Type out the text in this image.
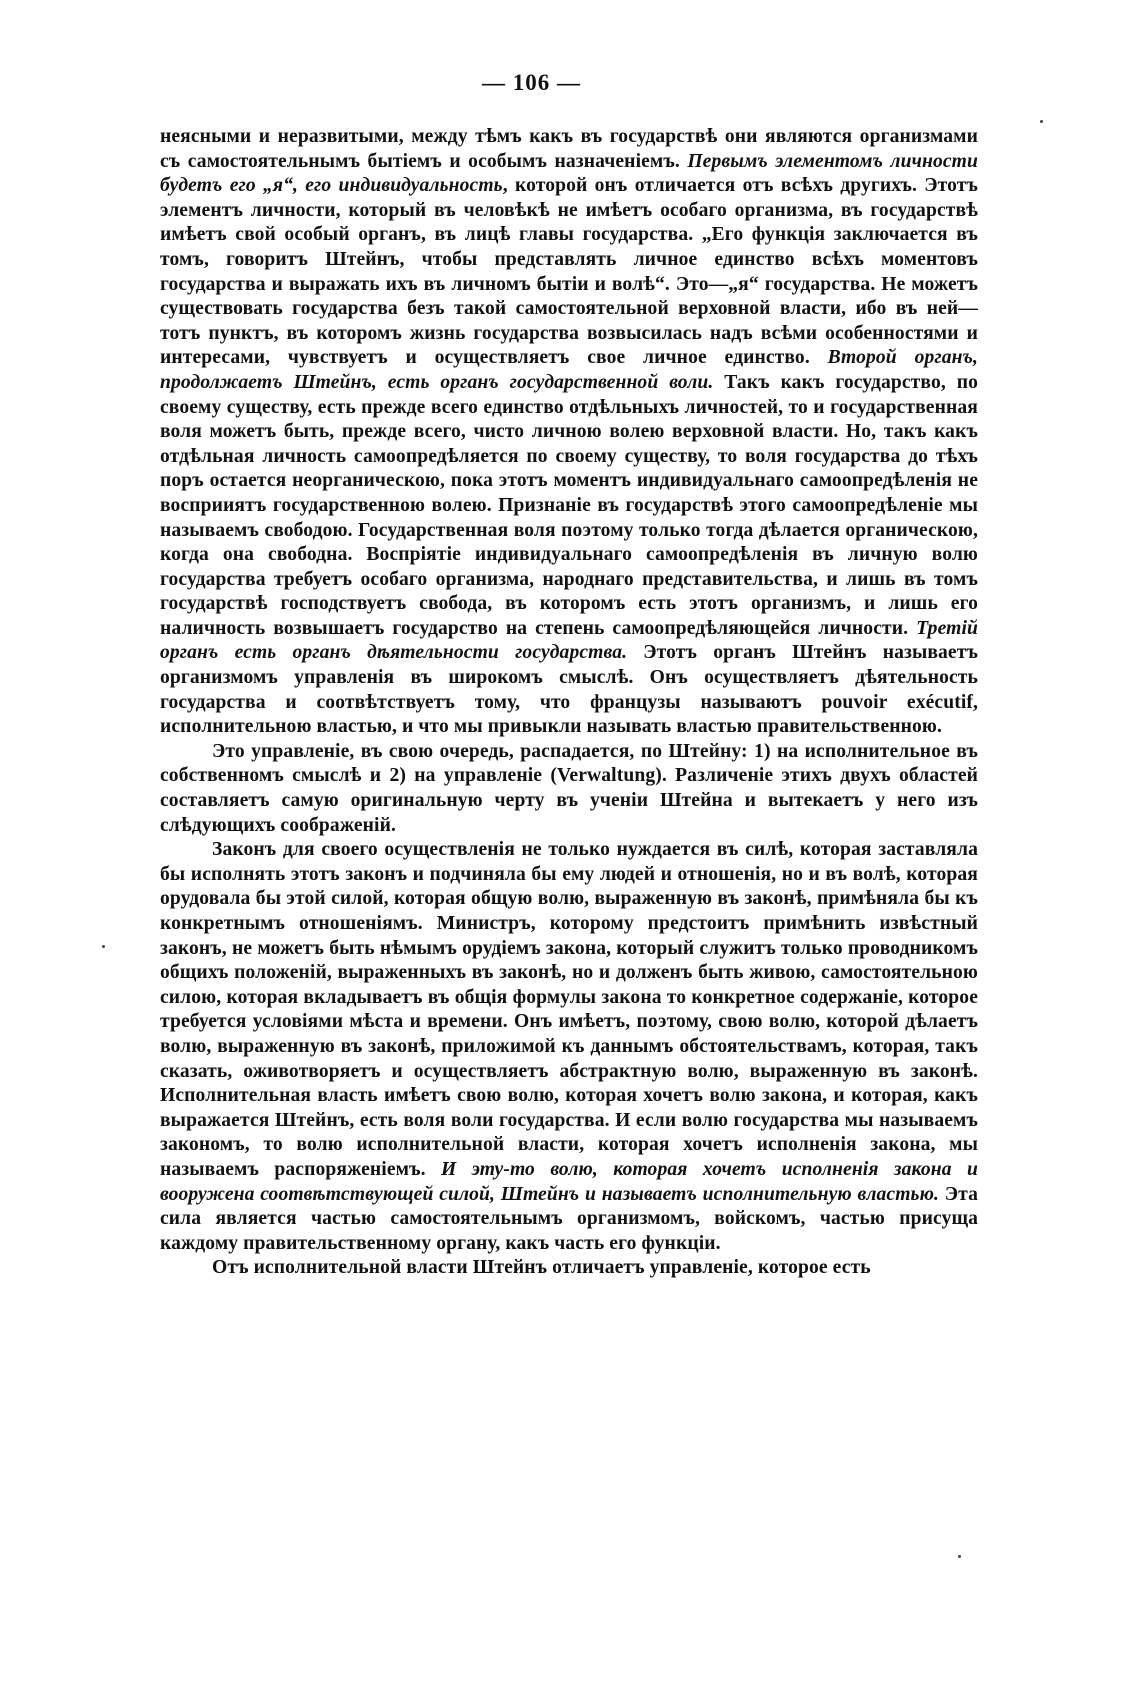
— 106 —

неясными и неразвитыми, между тѣмъ какъ въ государствѣ они являются организмами съ самостоятельнымъ бытіемъ и особымъ назначеніемъ. Первымъ элементомъ личности будетъ его „я“, его индивидуальность, которой онъ отличается отъ всѣхъ другихъ. Этотъ элементъ личности, который въ человѣкѣ не имѣетъ особаго организма, въ государствѣ имѣетъ свой особый органъ, въ лицѣ главы государства. „Его функція заключается въ томъ, говоритъ Штейнъ, чтобы представлять личное единство всѣхъ моментовъ государства и выражать ихъ въ личномъ бытіи и волѣ“. Это—„я“ государства. Не можетъ существовать государства безъ такой самостоятельной верховной власти, ибо въ ней—тотъ пунктъ, въ которомъ жизнь государства возвысилась надъ всѣми особенностями и интересами, чувствуетъ и осуществляетъ свое личное единство. Второй органъ, продолжаетъ Штейнъ, есть органъ государственной воли. Такъ какъ государство, по своему существу, есть прежде всего единство отдѣльныхъ личностей, то и государственная воля можетъ быть, прежде всего, чисто личною волею верховной власти. Но, такъ какъ отдѣльная личность самоопредѣляется по своему существу, то воля государства до тѣхъ поръ остается неорганическою, пока этотъ моментъ индивидуальнаго самоопредѣленія не восприиятъ государственною волею. Признаніе въ государствѣ этого самоопредѣленіе мы называемъ свободою. Государственная воля поэтому только тогда дѣлается органическою, когда она свободна. Воспріятіе индивидуальнаго самоопредѣленія въ личную волю государства требуетъ особаго организма, народнаго представительства, и лишь въ томъ государствѣ господствуетъ свобода, въ которомъ есть этотъ организмъ, и лишь его наличность возвышаетъ государство на степень самоопредѣляющейся личности. Третій органъ есть органъ дѣятельности государства. Этотъ органъ Штейнъ называетъ организмомъ управленія въ широкомъ смыслѣ. Онъ осуществляетъ дѣятельность государства и соотвѣтствуетъ тому, что французы называютъ pouvoir exécutif, исполнительною властью, и что мы привыкли называть властью правительственною.

Это управленіе, въ свою очередь, распадается, по Штейну: 1) на исполнительное въ собственномъ смыслѣ и 2) на управленіе (Verwaltung). Различеніе этихъ двухъ областей составляетъ самую оригинальную черту въ ученіи Штейна и вытекаетъ у него изъ слѣдующихъ соображеній.

Законъ для своего осуществленія не только нуждается въ силѣ, которая заставляла бы исполнять этотъ законъ и подчиняла бы ему людей и отношенія, но и въ волѣ, которая орудовала бы этой силой, которая общую волю, выраженную въ законѣ, примѣняла бы къ конкретнымъ отношеніямъ. Министръ, которому предстоитъ примѣнить извѣстный законъ, не можетъ быть нѣмымъ орудіемъ закона, который служитъ только проводникомъ общихъ положеній, выраженныхъ въ законѣ, но и долженъ быть живою, самостоятельною силою, которая вкладываетъ въ общія формулы закона то конкретное содержаніе, которое требуется условіями мѣста и времени. Онъ имѣетъ, поэтому, свою волю, которой дѣлаетъ волю, выраженную въ законѣ, приложимой къ даннымъ обстоятельствамъ, которая, такъ сказать, оживотворяетъ и осуществляетъ абстрактную волю, выраженную въ законѣ. Исполнительная власть имѣетъ свою волю, которая хочетъ волю закона, и которая, какъ выражается Штейнъ, есть воля воли государства. И если волю государства мы называемъ закономъ, то волю исполнительной власти, которая хочетъ исполненія закона, мы называемъ распоряженіемъ. И эту-то волю, которая хочетъ исполненія закона и вооружена соотвѣтствующей силой, Штейнъ и называетъ исполнительную властью. Эта сила является частью самостоятельнымъ организмомъ, войскомъ, частью присуща каждому правительственному органу, какъ часть его функціи.

Отъ исполнительной власти Штейнъ отличаетъ управленіе, которое есть
